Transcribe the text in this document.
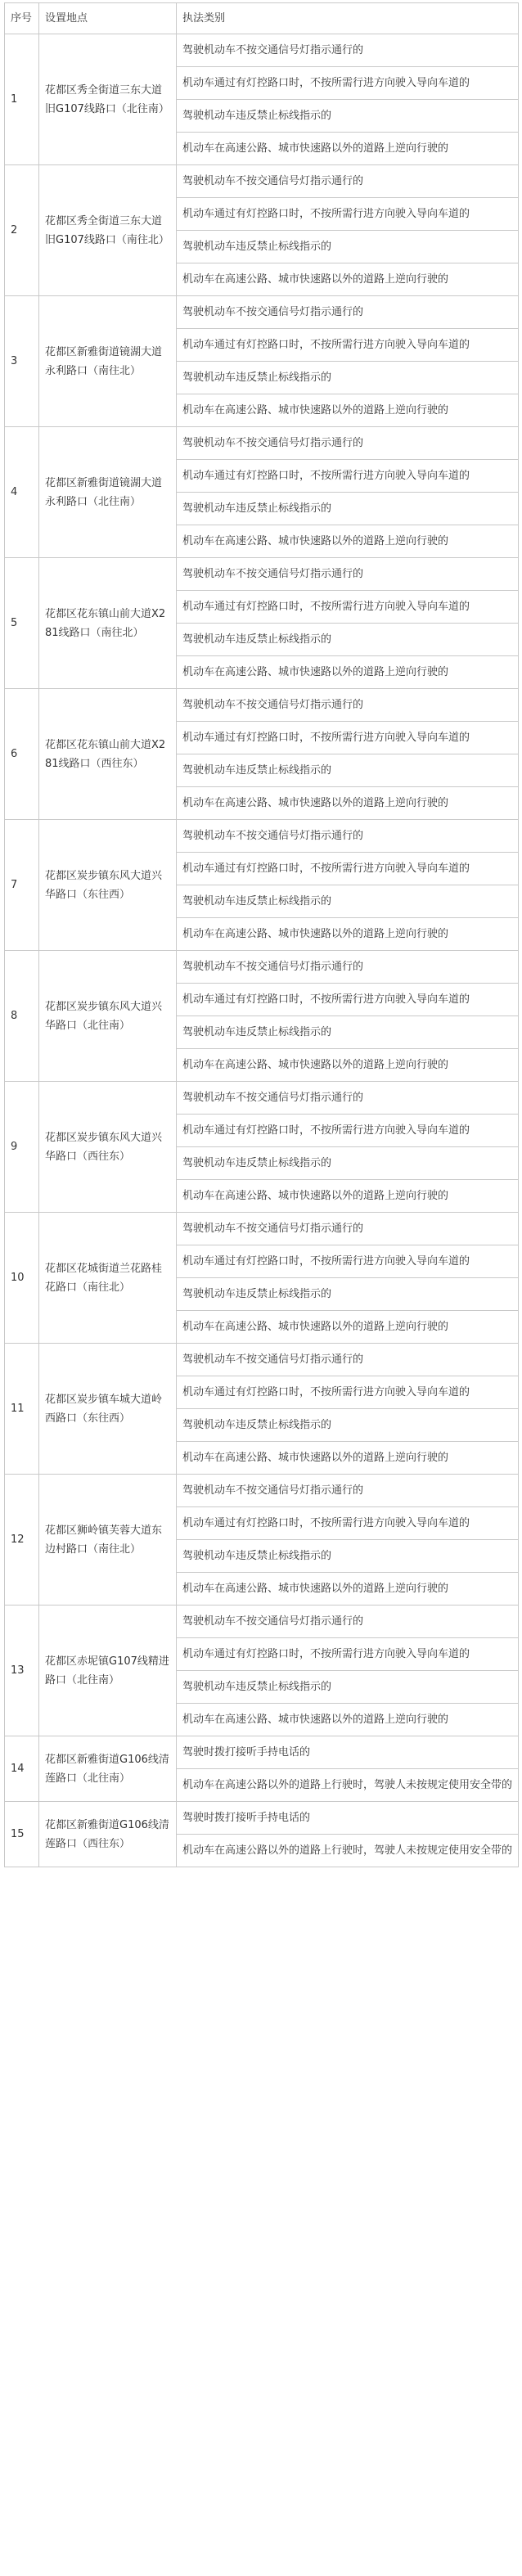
序号	设置地点	执法类别
1	花都区秀全街道三东大道旧G107线路口（北往南）	驾驶机动车不按交通信号灯指示通行的
		机动车通过有灯控路口时，不按所需行进方向驶入导向车道的
		驾驶机动车违反禁止标线指示的
		机动车在高速公路、城市快速路以外的道路上逆向行驶的
2	花都区秀全街道三东大道旧G107线路口（南往北）	驾驶机动车不按交通信号灯指示通行的
		机动车通过有灯控路口时，不按所需行进方向驶入导向车道的
		驾驶机动车违反禁止标线指示的
		机动车在高速公路、城市快速路以外的道路上逆向行驶的
3	花都区新雅街道镜湖大道永利路口（南往北）	驾驶机动车不按交通信号灯指示通行的
		机动车通过有灯控路口时，不按所需行进方向驶入导向车道的
		驾驶机动车违反禁止标线指示的
		机动车在高速公路、城市快速路以外的道路上逆向行驶的
4	花都区新雅街道镜湖大道永利路口（北往南）	驾驶机动车不按交通信号灯指示通行的
		机动车通过有灯控路口时，不按所需行进方向驶入导向车道的
		驾驶机动车违反禁止标线指示的
		机动车在高速公路、城市快速路以外的道路上逆向行驶的
5	花都区花东镇山前大道X281线路口（南往北）	驾驶机动车不按交通信号灯指示通行的
		机动车通过有灯控路口时，不按所需行进方向驶入导向车道的
		驾驶机动车违反禁止标线指示的
		机动车在高速公路、城市快速路以外的道路上逆向行驶的
6	花都区花东镇山前大道X281线路口（西往东）	驾驶机动车不按交通信号灯指示通行的
		机动车通过有灯控路口时，不按所需行进方向驶入导向车道的
		驾驶机动车违反禁止标线指示的
		机动车在高速公路、城市快速路以外的道路上逆向行驶的
7	花都区炭步镇东风大道兴华路口（东往西）	驾驶机动车不按交通信号灯指示通行的
		机动车通过有灯控路口时，不按所需行进方向驶入导向车道的
		驾驶机动车违反禁止标线指示的
		机动车在高速公路、城市快速路以外的道路上逆向行驶的
8	花都区炭步镇东风大道兴华路口（北往南）	驾驶机动车不按交通信号灯指示通行的
		机动车通过有灯控路口时，不按所需行进方向驶入导向车道的
		驾驶机动车违反禁止标线指示的
		机动车在高速公路、城市快速路以外的道路上逆向行驶的
9	花都区炭步镇东风大道兴华路口（西往东）	驾驶机动车不按交通信号灯指示通行的
		机动车通过有灯控路口时，不按所需行进方向驶入导向车道的
		驾驶机动车违反禁止标线指示的
		机动车在高速公路、城市快速路以外的道路上逆向行驶的
10	花都区花城街道兰花路桂花路口（南往北）	驾驶机动车不按交通信号灯指示通行的
		机动车通过有灯控路口时，不按所需行进方向驶入导向车道的
		驾驶机动车违反禁止标线指示的
		机动车在高速公路、城市快速路以外的道路上逆向行驶的
11	花都区炭步镇车城大道岭西路口（东往西）	驾驶机动车不按交通信号灯指示通行的
		机动车通过有灯控路口时，不按所需行进方向驶入导向车道的
		驾驶机动车违反禁止标线指示的
		机动车在高速公路、城市快速路以外的道路上逆向行驶的
12	花都区狮岭镇芙蓉大道东边村路口（南往北）	驾驶机动车不按交通信号灯指示通行的
		机动车通过有灯控路口时，不按所需行进方向驶入导向车道的
		驾驶机动车违反禁止标线指示的
		机动车在高速公路、城市快速路以外的道路上逆向行驶的
13	花都区赤坭镇G107线精进路口（北往南）	驾驶机动车不按交通信号灯指示通行的
		机动车通过有灯控路口时，不按所需行进方向驶入导向车道的
		驾驶机动车违反禁止标线指示的
		机动车在高速公路、城市快速路以外的道路上逆向行驶的
14	花都区新雅街道G106线清莲路口（北往南）	驾驶时拨打接听手持电话的
		机动车在高速公路以外的道路上行驶时，驾驶人未按规定使用安全带的
15	花都区新雅街道G106线清莲路口（西往东）	驾驶时拨打接听手持电话的
		机动车在高速公路以外的道路上行驶时，驾驶人未按规定使用安全带的
